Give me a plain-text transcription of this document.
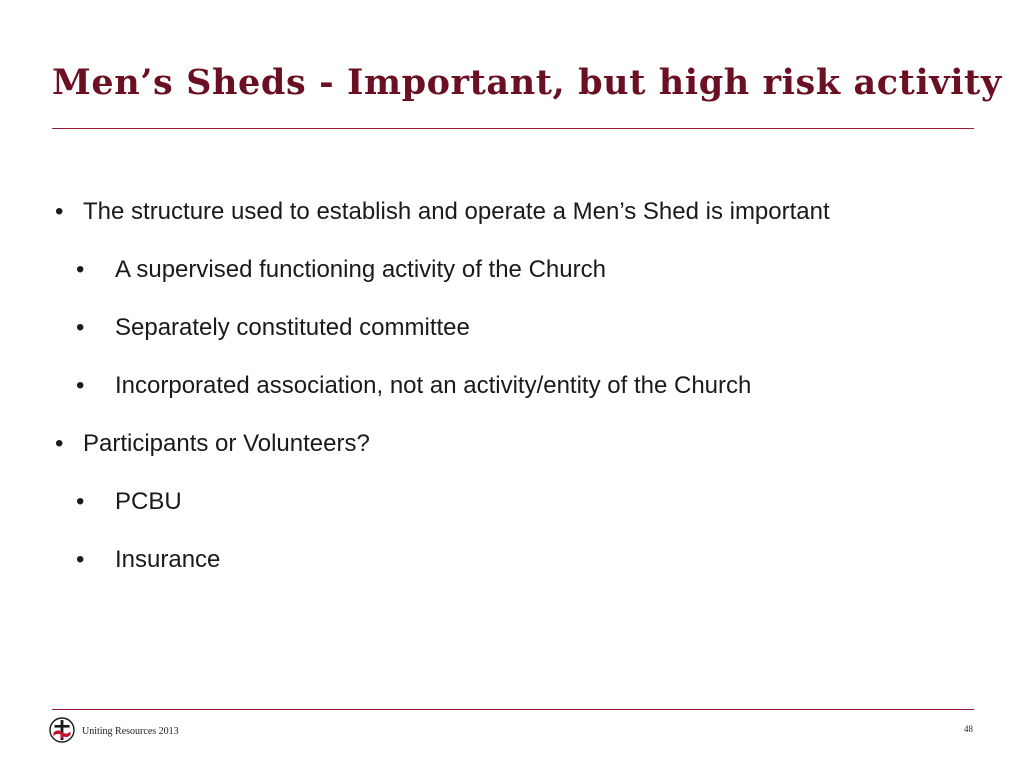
Men’s Sheds - Important, but high risk activity
• The structure used to establish and operate a Men’s Shed is important
• A supervised functioning activity of the Church
• Separately constituted committee
• Incorporated association, not an activity/entity of the Church
• Participants or Volunteers?
• PCBU
• Insurance
Uniting Resources 2013	48
